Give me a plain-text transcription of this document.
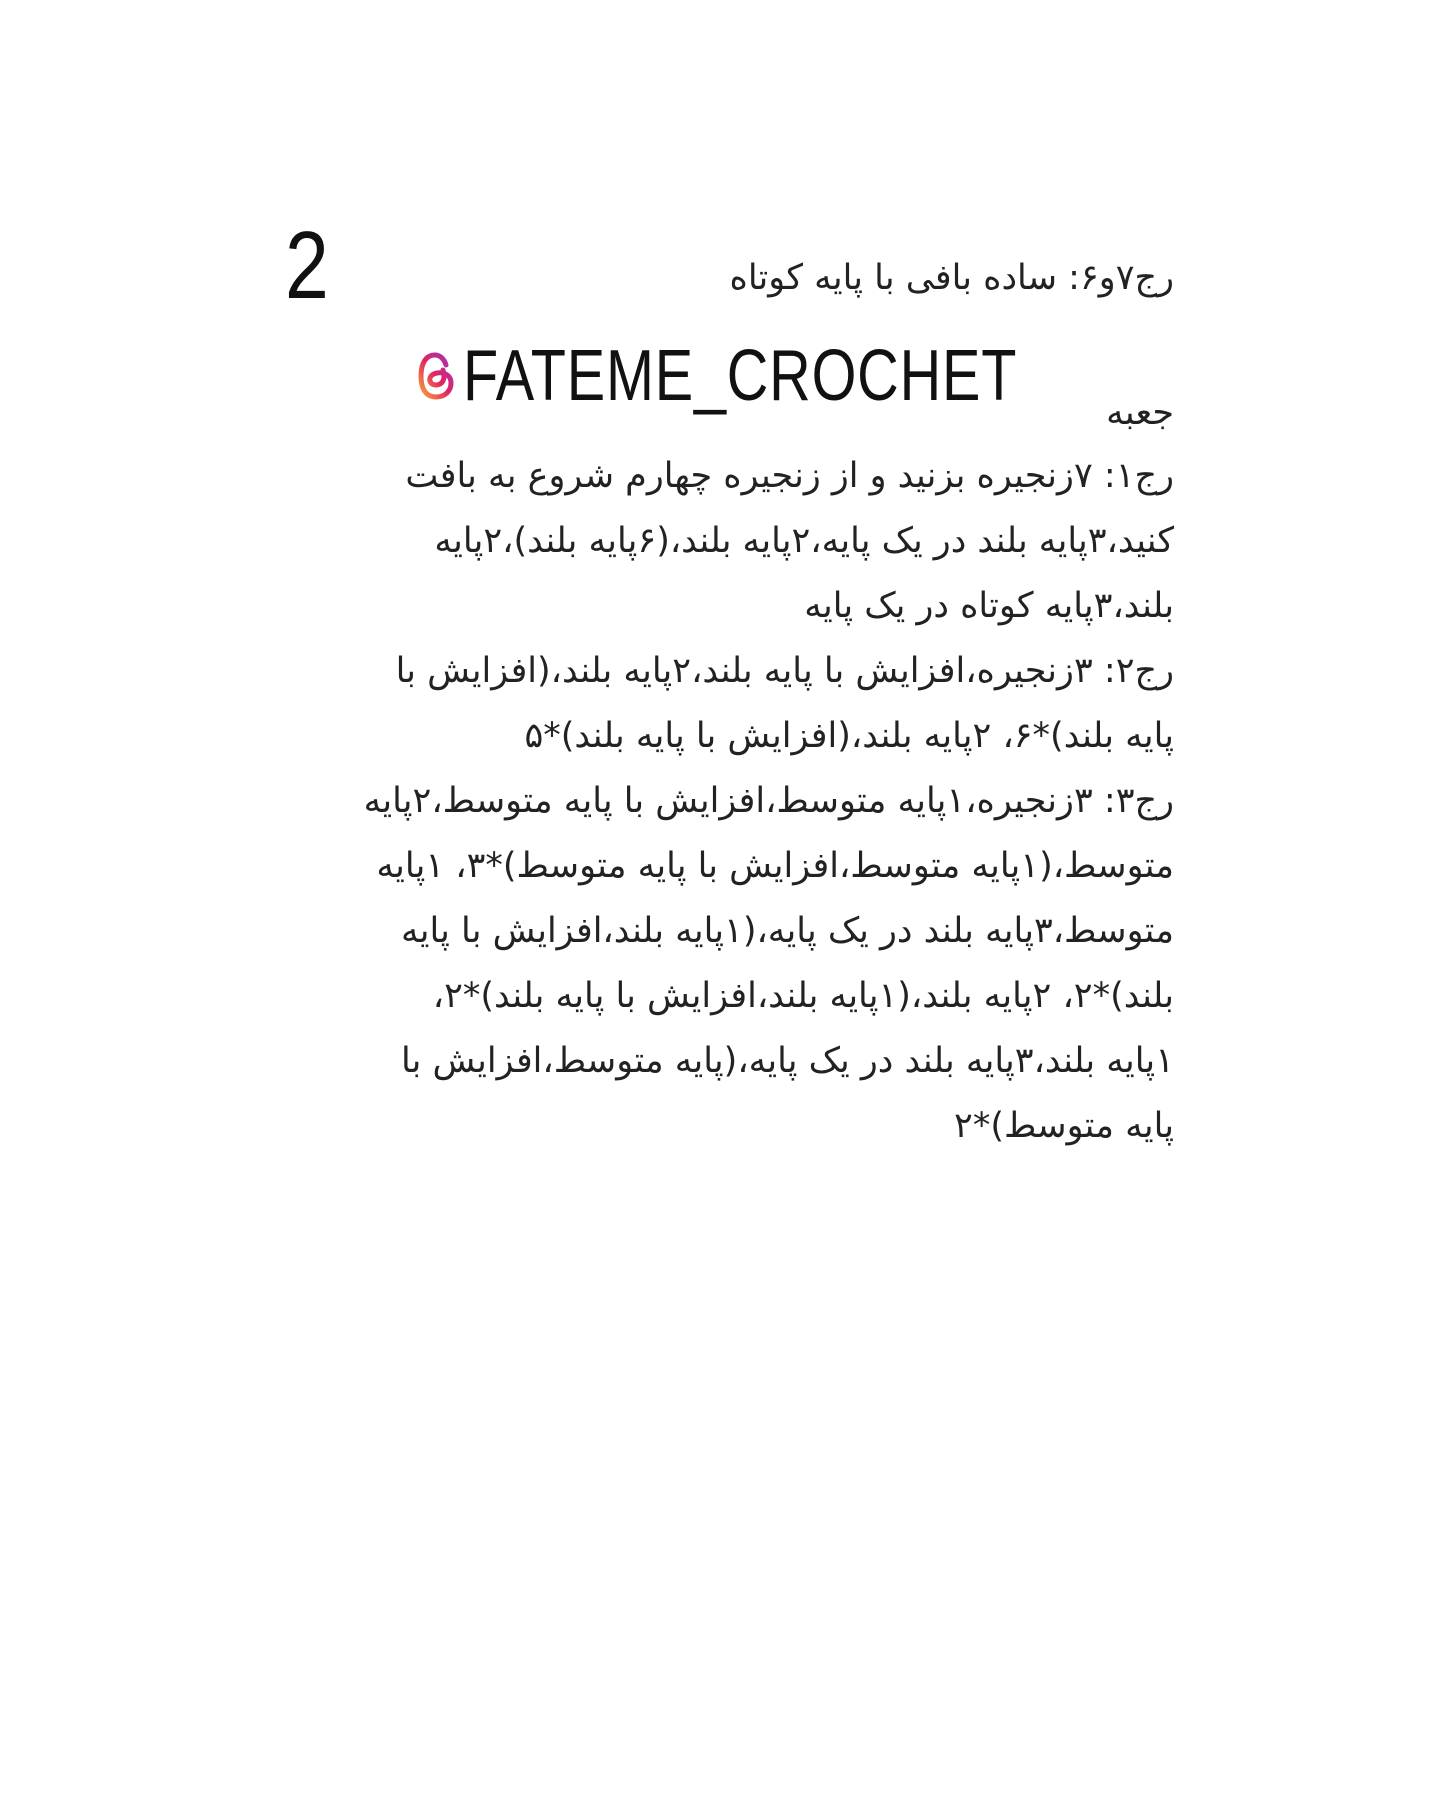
2	رج۷و۶: ساده بافی با پایه کوتاه
FATEME_CROCHET	جعبه
رج۱: ۷زنجیره بزنید و از زنجیره چهارم شروع به بافت
کنید،۳پایه بلند در یک پایه،۲پایه بلند،(۶پایه بلند)،۲پایه
بلند،۳پایه کوتاه در یک پایه
رج۲: ۳زنجیره،افزایش با پایه بلند،۲پایه بلند،(افزایش با
پایه بلند)*۶، ۲پایه بلند،(افزایش با پایه بلند)*۵
رج۳: ۳زنجیره،۱پایه متوسط،افزایش با پایه متوسط،۲پایه
متوسط،(۱پایه متوسط،افزایش با پایه متوسط)*۳، ۱پایه
متوسط،۳پایه بلند در یک پایه،(۱پایه بلند،افزایش با پایه
بلند)*۲، ۲پایه بلند،(۱پایه بلند،افزایش با پایه بلند)*۲،
۱پایه بلند،۳پایه بلند در یک پایه،(پایه متوسط،افزایش با
پایه متوسط)*۲
